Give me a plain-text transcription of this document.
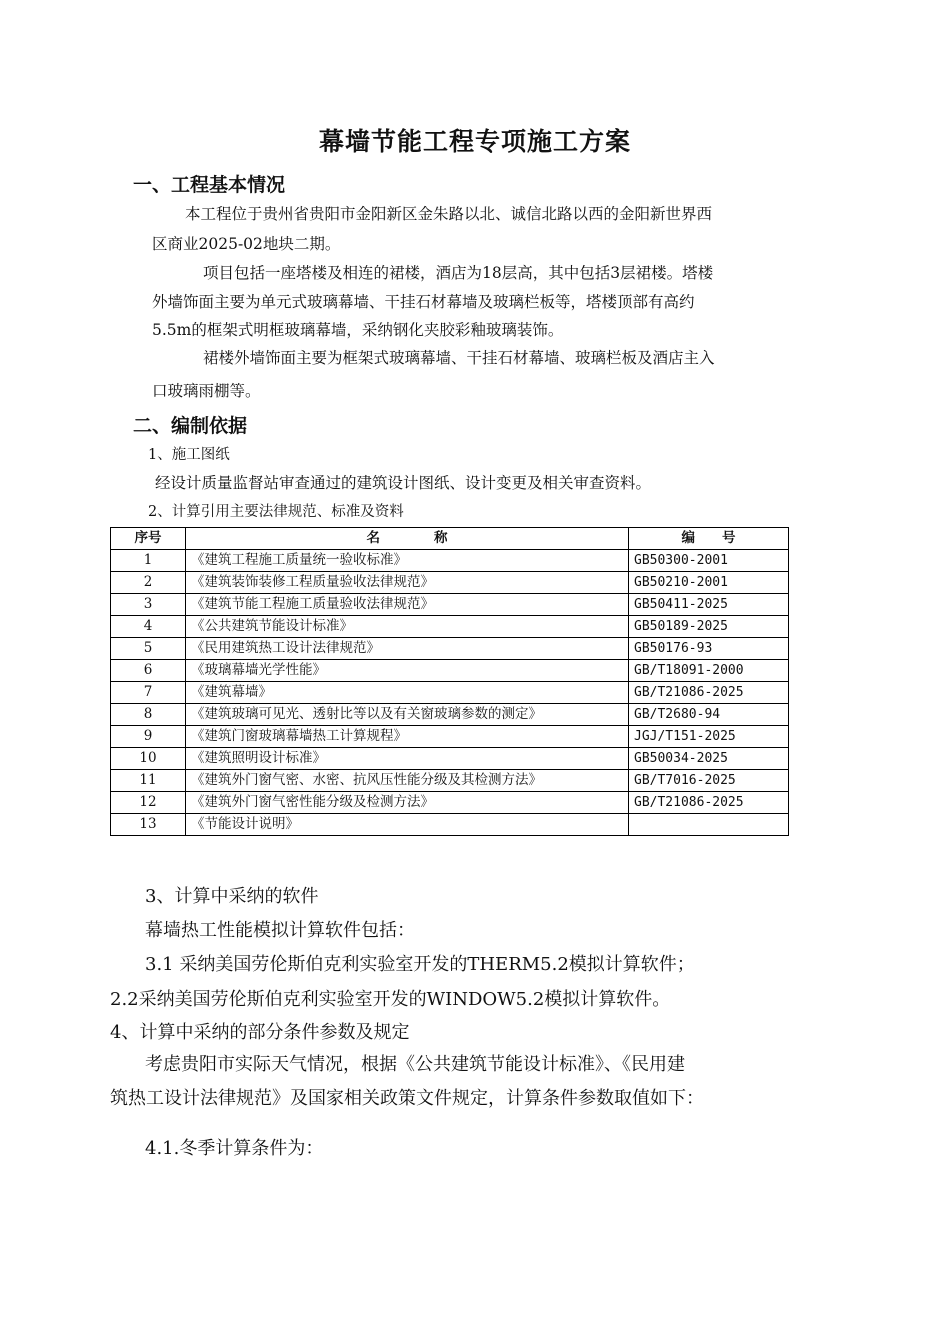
幕墙节能工程专项施工方案
一、工程基本情况
本工程位于贵州省贵阳市金阳新区金朱路以北、诚信北路以西的金阳新世界西
区商业2025-02地块二期。
项目包括一座塔楼及相连的裙楼，酒店为18层高，其中包括3层裙楼。塔楼
外墙饰面主要为单元式玻璃幕墙、干挂石材幕墙及玻璃栏板等，塔楼顶部有高约
5.5m的框架式明框玻璃幕墙，采纳钢化夹胶彩釉玻璃装饰。
裙楼外墙饰面主要为框架式玻璃幕墙、干挂石材幕墙、玻璃栏板及酒店主入
口玻璃雨棚等。
二、编制依据
1、施工图纸
经设计质量监督站审查通过的建筑设计图纸、设计变更及相关审查资料。
2、计算引用主要法律规范、标准及资料
序号	名　　　　称	编　　号
1	《建筑工程施工质量统一验收标准》	GB50300-2001
2	《建筑装饰装修工程质量验收法律规范》	GB50210-2001
3	《建筑节能工程施工质量验收法律规范》	GB50411-2025
4	《公共建筑节能设计标准》	GB50189-2025
5	《民用建筑热工设计法律规范》	GB50176-93
6	《玻璃幕墙光学性能》	GB/T18091-2000
7	《建筑幕墙》	GB/T21086-2025
8	《建筑玻璃可见光、透射比等以及有关窗玻璃参数的测定》	GB/T2680-94
9	《建筑门窗玻璃幕墙热工计算规程》	JGJ/T151-2025
10	《建筑照明设计标准》	GB50034-2025
11	《建筑外门窗气密、水密、抗风压性能分级及其检测方法》	GB/T7016-2025
12	《建筑外门窗气密性能分级及检测方法》	GB/T21086-2025
13	《节能设计说明》	
3、计算中采纳的软件
幕墙热工性能模拟计算软件包括：
3.1 采纳美国劳伦斯伯克利实验室开发的THERM5.2模拟计算软件；
2.2采纳美国劳伦斯伯克利实验室开发的WINDOW5.2模拟计算软件。
4、计算中采纳的部分条件参数及规定
考虑贵阳市实际天气情况，根据《公共建筑节能设计标准》、《民用建
筑热工设计法律规范》及国家相关政策文件规定，计算条件参数取值如下：
4.1.冬季计算条件为：
